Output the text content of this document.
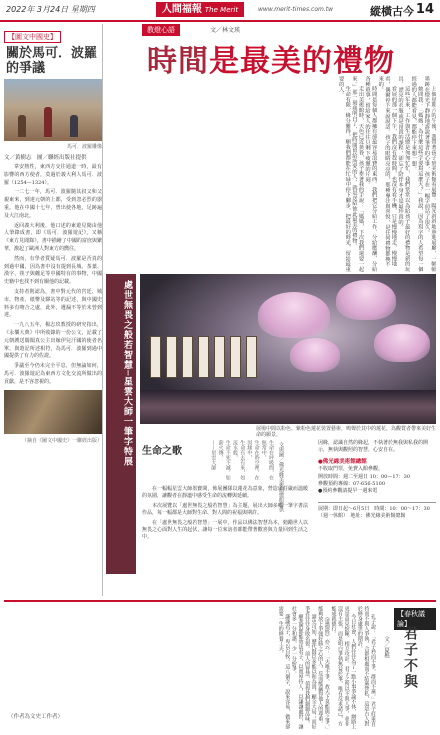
2022年 3月24日 星期四	人間福報 The Merit Times
www.merit-times.com.tw	縱橫古今 14
【圖文中國史】
關於馬可．波羅的爭議
馬可．波羅雕像
文／黃樹志　圖／聯經出版社提供

韋安熱性，東西方交往通道一時，最有影響的西方使者，莫過於義大利人馬可．波羅（1254—1324）。

一二七一年，馬可．波羅隨其叔父和父親東來，到達元朝的上都，受到忽必烈的器重。他在中國十七年，曾出使各地，足跡遍及大江南北。

返回義大利後，他口述的東遊見聞由他人筆錄成書，即《馬可．波羅遊記》，又稱《東方見聞錄》，書中描繪了中國的富庶與繁華，激起了歐洲人對東方的嚮往。

然而，有學者質疑馬可．波羅是否真的到過中國，因為書中沒有提到長城、茶葉、漢字、筷子與纏足等中國特有的事物，中國史籍中也找不到有關他的記載。

支持者則認為，書中對元代的宮廷、城市、物產、紙幣及驛站等的記述，與中國史料多有吻合之處，此外，遺漏不等於未曾到達。

一九八五年，楊志玖教授的研究指出，《永樂大典》中所收錄的一份公文，記載了元朝護送闊闊真公主出嫁伊兒汗國的使者名單，與遊記所述相符，為馬可．波羅到過中國提供了有力的佐證。

爭議至今仍未完全平息，但無論如何，馬可．波羅遊記為東西方文化交流所做出的貢獻，是不容忽視的。

（摘自《圖文中國史》一聯經出版）
教燈心語	文／林文瑛
時間是最美的禮物

上個星期六的午後，我帶著孩子到美術館看展覽。陽光斜斜地照進展廳，一幅幅墨跡在燈光下靜靜地訴說著筆者的心事，孩子在一幅字前站了很久。

她問我：「媽媽，為什麼這些字要寫這麼大？」我說，因為寫字的人希望每一個經過的人都能看見，都能停下來想一想。

這些年來，工作與生活總是匆匆忙忙，我們常常以為給孩子最好的禮物是新的玩具、漂亮的衣服或是昂貴的課程，卻忘了陪伴本身才是最珍貴的。

看展的那一個下午，我們沒有趕時間，也沒有看手機，只是慢慢地走，慢慢地看，偶爾停下來說說話。孩子的眼睛亮亮的，那種專注與喜悅，是任何禮物都換不來的。

時間是每個人都擁有卻最容易浪費的東西。我們把它分給工作、分給應酬、分給各種瑣事，留給家人的往往只剩下疲憊的片刻。

走出美術館時，天色已近黃昏，孩子牽著我的手說：「媽媽，下次我們還要一起來。」那一刻我明白了，把時間留給所愛的人，就是送給彼此最美的禮物。

生命有限，緣分難得。願我們都能在忙碌中停下腳步，把最好的時光，留給最重要的人。

展場中間以粉色、紫粉色蓮花裝置藝術，鳴聲於其中的蓮花，為觀賞者帶來美好生命的願景。
處世無畏之般若智慧─星雲大師一筆字特展	生命之歌	生命在呼吸間，在無常中，
生命在時空裡，在因緣中，
生命有去有來，如流水般，
生命不死不滅，如薪火傳，
——星雲大師	文與圖／佛光緣美術館總館提供

在一幅幅星雲大師墨寶間，佈展團隊以蓮花為意象，營造出莊嚴而溫暖的氛圍，讓觀者在靜謐中感受生命的流轉與延續。

本次展覽以「處世無畏之般若智慧」為主題，展出大師多幅一筆字書法作品，每一幅都是大師對生命、對人間的祝福與期許。

在「處世無畏之般若智慧」一展中，作品以佛法智慧為本，勉勵世人以無畏之心面對人生的起伏，讓每一位來訪者都能帶著歡喜與力量回到生活之中。

因緣，認識自然的緣起，不執著於無我與私我的開示，無執與觀照的智慧，心安自在。

●佛光緣美術館總館

不收取門票，免費入館參觀。

開放時間：週二至週日 10：00—17：30

參觀預約專線：07-656-5100

●預約參觀請提早一週來電

展期：即日起～6月5日　時間：10：00～17：30（週一休館）　地址：佛光緣美術館總館

孔子說：「君子矜而不爭，群而不黨。」君子莊重自持而不與人爭執，合群相處而不結黨營私，這是古人對於修身處世的期許。

今日社會，人們往往為了一點小事爭論不休，網路上更是意見紛陳、相互攻訐。君子之所以不與人爭，並非沒有主張，而是明白爭執無益於事，唯有反求諸己，方能成就德行。

《道德經》亦云：「夫唯不爭，故天下莫能與之爭。」能夠放下爭強好勝之心的人，反而能贏得他人的尊重。

讀史可知，歷代賢臣多能以和為貴，顧全大局；而好爭者往往身敗名裂。前人的智慧，值得我們細細品味。

願我們都能效法君子，以寬厚待人，以謙讓處世，讓社會多一分和諧，少一分紛爭。

謙謙君子，卑以自牧。這八個字，說來容易，做來卻需要一生的修養工夫。

（作者為文史工作者）
【春秋議論】
君子不與
文／夏樵
